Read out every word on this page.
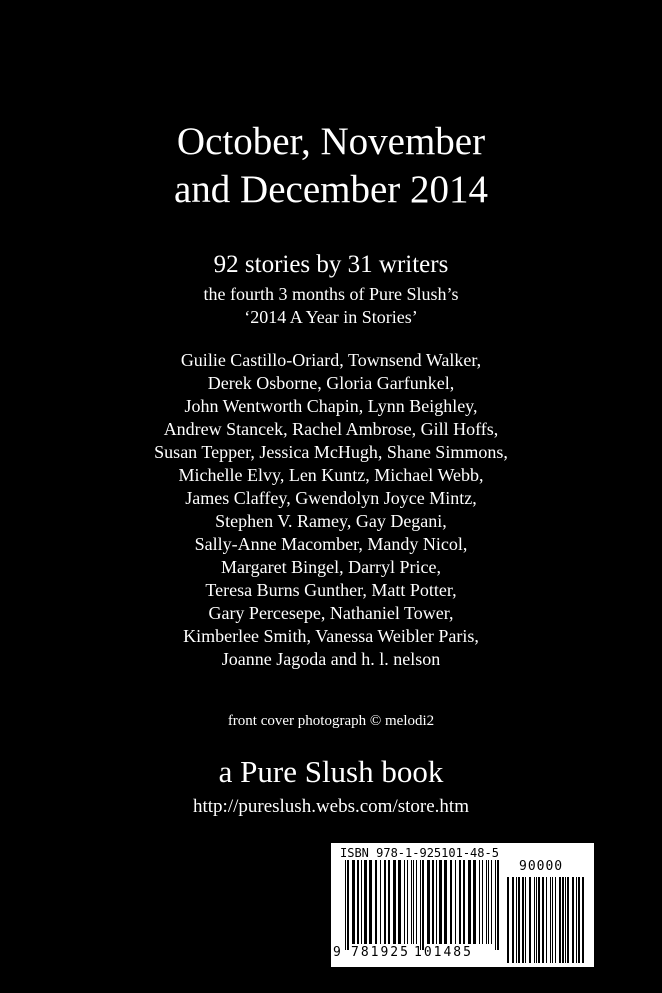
October, November
and December 2014
92 stories by 31 writers
the fourth 3 months of Pure Slush’s
‘2014 A Year in Stories’
Guilie Castillo-Oriard, Townsend Walker,
Derek Osborne, Gloria Garfunkel,
John Wentworth Chapin, Lynn Beighley,
Andrew Stancek, Rachel Ambrose, Gill Hoffs,
Susan Tepper, Jessica McHugh, Shane Simmons,
Michelle Elvy, Len Kuntz, Michael Webb,
James Claffey, Gwendolyn Joyce Mintz,
Stephen V. Ramey, Gay Degani,
Sally-Anne Macomber, Mandy Nicol,
Margaret Bingel, Darryl Price,
Teresa Burns Gunther, Matt Potter,
Gary Percesepe, Nathaniel Tower,
Kimberlee Smith, Vanessa Weibler Paris,
Joanne Jagoda and h. l. nelson
front cover photograph © melodi2
a Pure Slush book
http://pureslush.webs.com/store.htm
ISBN 978-1-925101-48-5
90000
9 781925 101485
